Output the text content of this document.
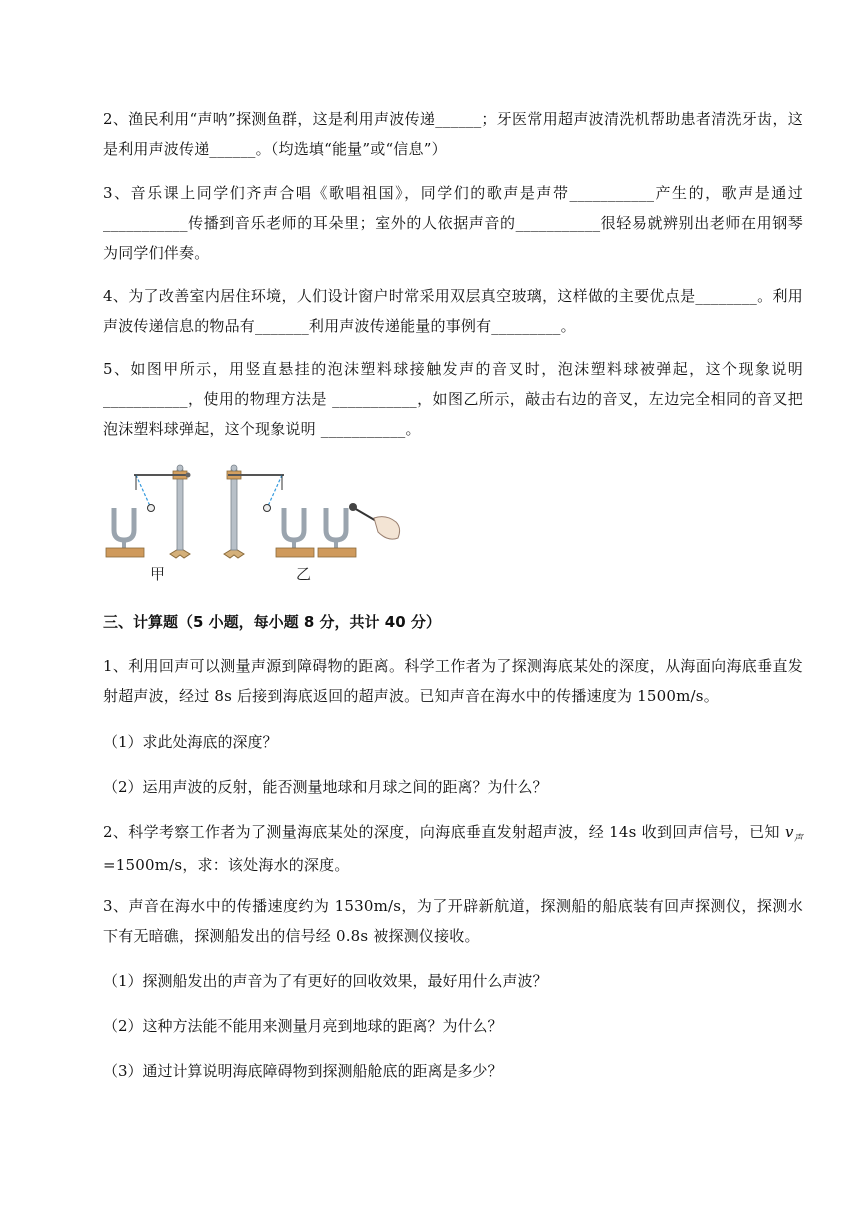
2、渔民利用“声呐”探测鱼群，这是利用声波传递______；牙医常用超声波清洗机帮助患者清洗牙齿，这是利用声波传递______。（均选填“能量”或“信息”）

3、音乐课上同学们齐声合唱《歌唱祖国》，同学们的歌声是声带___________产生的，歌声是通过___________传播到音乐老师的耳朵里；室外的人依据声音的___________很轻易就辨别出老师在用钢琴为同学们伴奏。

4、为了改善室内居住环境，人们设计窗户时常采用双层真空玻璃，这样做的主要优点是________。利用声波传递信息的物品有_______利用声波传递能量的事例有_________。

5、如图甲所示，用竖直悬挂的泡沫塑料球接触发声的音叉时，泡沫塑料球被弹起，这个现象说明___________，使用的物理方法是 ___________，如图乙所示，敲击右边的音叉，左边完全相同的音叉把泡沫塑料球弹起，这个现象说明 ___________。

甲	乙

三、计算题（5 小题，每小题 8 分，共计 40 分）

1、利用回声可以测量声源到障碍物的距离。科学工作者为了探测海底某处的深度，从海面向海底垂直发射超声波，经过 8s 后接到海底返回的超声波。已知声音在海水中的传播速度为 1500m/s。

（1）求此处海底的深度？

（2）运用声波的反射，能否测量地球和月球之间的距离？为什么？

2、科学考察工作者为了测量海底某处的深度，向海底垂直发射超声波，经 14s 收到回声信号，已知 $v_声=1500m/s$，求：该处海水的深度。

3、声音在海水中的传播速度约为 1530m/s，为了开辟新航道，探测船的船底装有回声探测仪，探测水下有无暗礁，探测船发出的信号经 0.8s 被探测仪接收。

（1）探测船发出的声音为了有更好的回收效果，最好用什么声波？

（2）这种方法能不能用来测量月亮到地球的距离？为什么？

（3）通过计算说明海底障碍物到探测船舱底的距离是多少？
